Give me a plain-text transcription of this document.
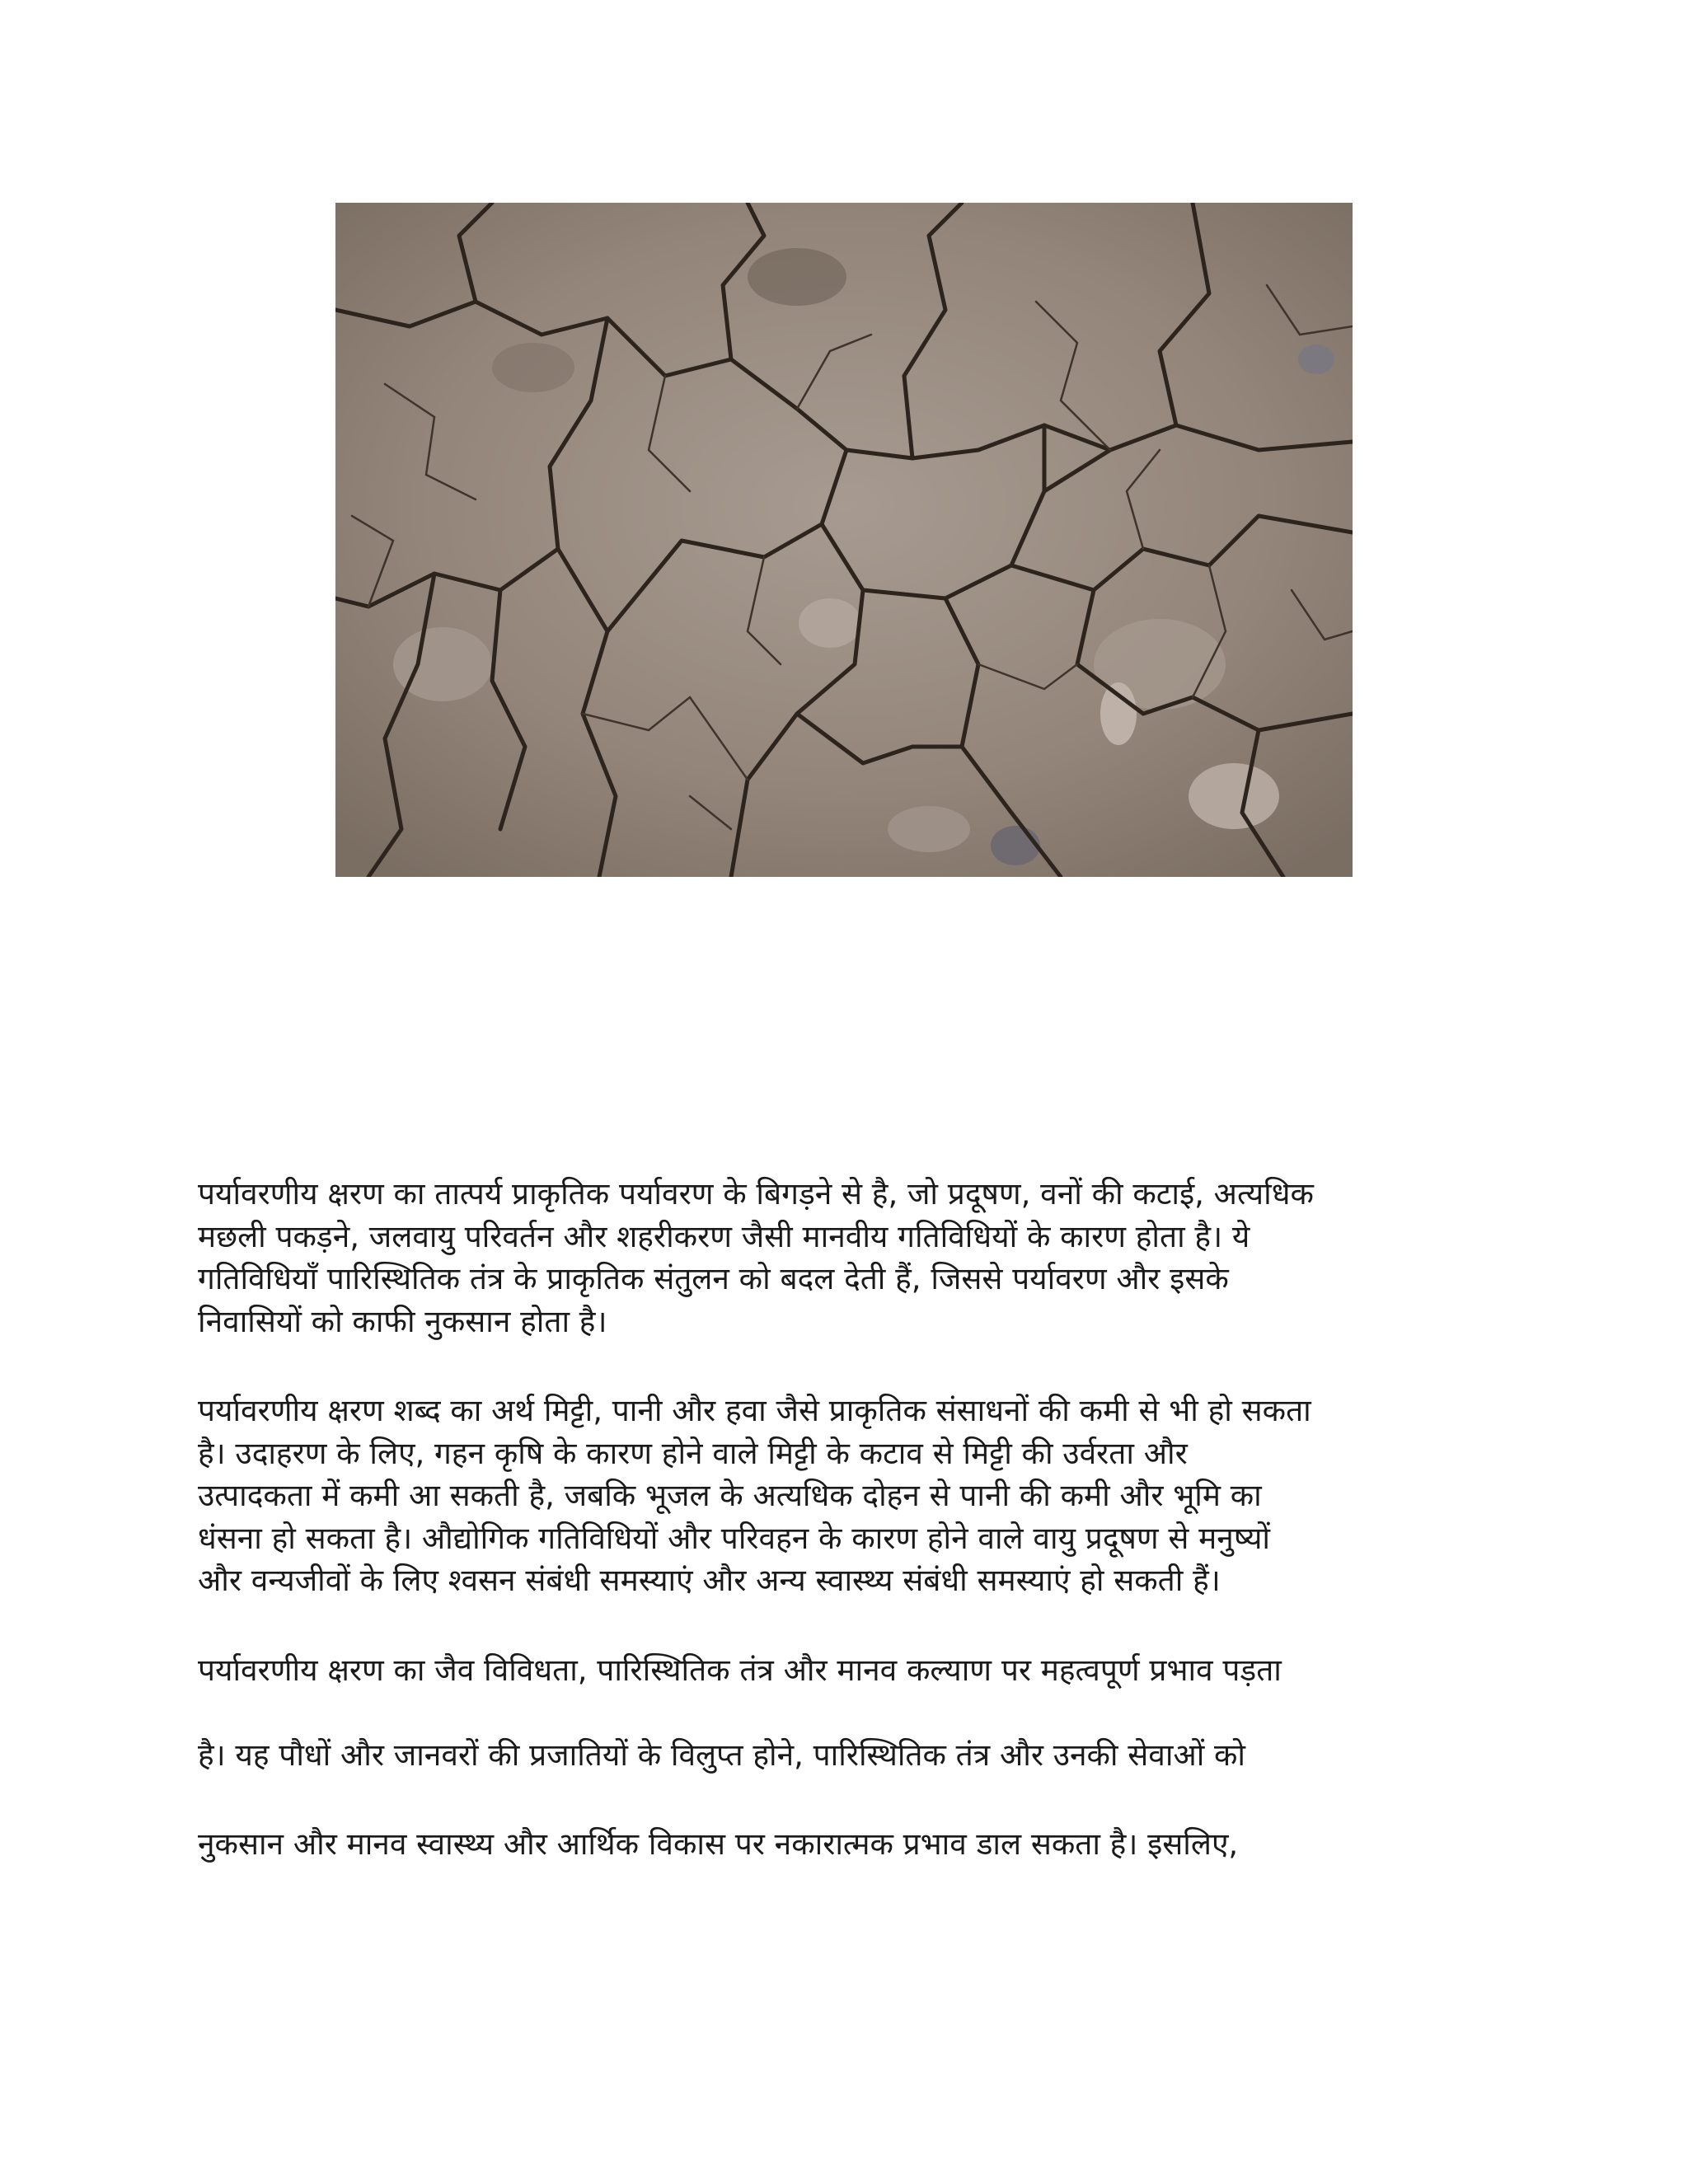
पर्यावरणीय क्षरण का तात्पर्य प्राकृतिक पर्यावरण के बिगड़ने से है, जो प्रदूषण, वनों की कटाई, अत्यधिक
मछली पकड़ने, जलवायु परिवर्तन और शहरीकरण जैसी मानवीय गतिविधियों के कारण होता है। ये
गतिविधियाँ पारिस्थितिक तंत्र के प्राकृतिक संतुलन को बदल देती हैं, जिससे पर्यावरण और इसके
निवासियों को काफी नुकसान होता है।

पर्यावरणीय क्षरण शब्द का अर्थ मिट्टी, पानी और हवा जैसे प्राकृतिक संसाधनों की कमी से भी हो सकता
है। उदाहरण के लिए, गहन कृषि के कारण होने वाले मिट्टी के कटाव से मिट्टी की उर्वरता और
उत्पादकता में कमी आ सकती है, जबकि भूजल के अत्यधिक दोहन से पानी की कमी और भूमि का
धंसना हो सकता है। औद्योगिक गतिविधियों और परिवहन के कारण होने वाले वायु प्रदूषण से मनुष्यों
और वन्यजीवों के लिए श्वसन संबंधी समस्याएं और अन्य स्वास्थ्य संबंधी समस्याएं हो सकती हैं।

पर्यावरणीय क्षरण का जैव विविधता, पारिस्थितिक तंत्र और मानव कल्याण पर महत्वपूर्ण प्रभाव पड़ता

है। यह पौधों और जानवरों की प्रजातियों के विलुप्त होने, पारिस्थितिक तंत्र और उनकी सेवाओं को

नुकसान और मानव स्वास्थ्य और आर्थिक विकास पर नकारात्मक प्रभाव डाल सकता है। इसलिए,
